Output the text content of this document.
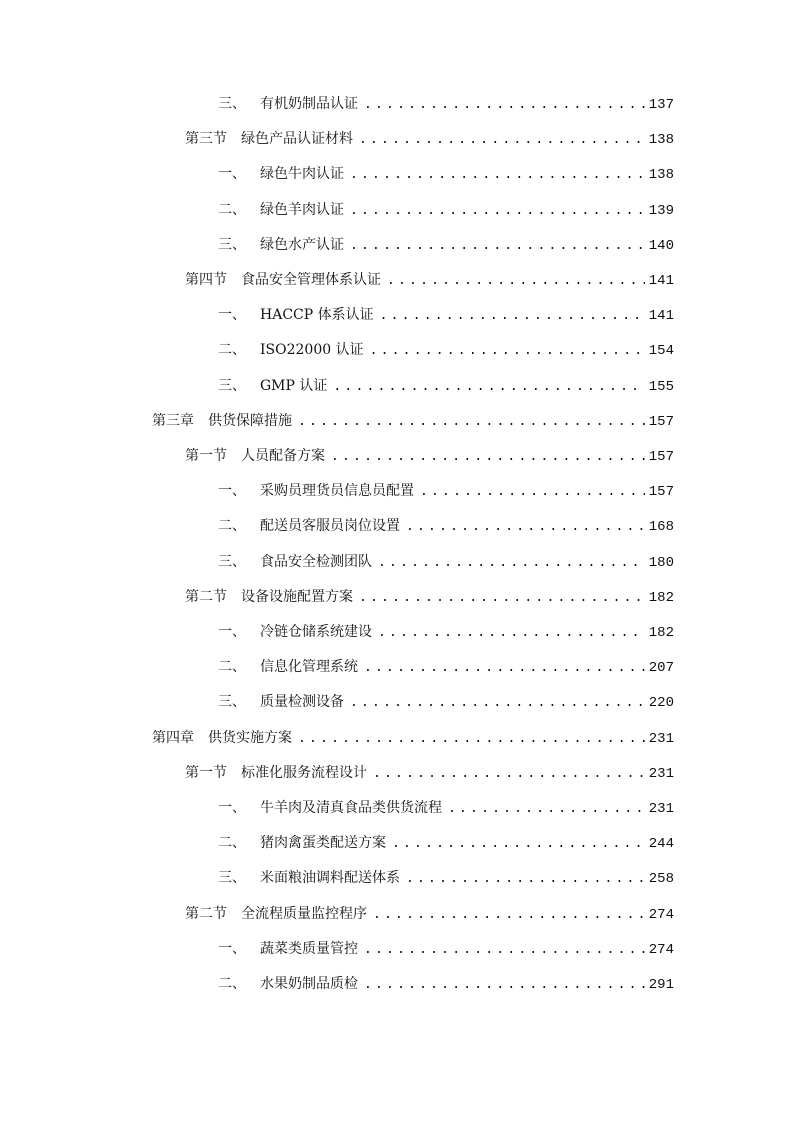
三、 有机奶制品认证 .....	137
第三节 绿色产品认证材料 .....	138
一、 绿色牛肉认证 .....	138
二、 绿色羊肉认证 .....	139
三、 绿色水产认证 .....	140
第四节 食品安全管理体系认证 .....	141
一、 HACCP 体系认证 .....	141
二、 ISO22000 认证 .....	154
三、 GMP 认证 .....	155
第三章 供货保障措施 .....	157
第一节 人员配备方案 .....	157
一、 采购员理货员信息员配置 .....	157
二、 配送员客服员岗位设置 .....	168
三、 食品安全检测团队 .....	180
第二节 设备设施配置方案 .....	182
一、 冷链仓储系统建设 .....	182
二、 信息化管理系统 .....	207
三、 质量检测设备 .....	220
第四章 供货实施方案 .....	231
第一节 标准化服务流程设计 .....	231
一、 牛羊肉及清真食品类供货流程 .....	231
二、 猪肉禽蛋类配送方案 .....	244
三、 米面粮油调料配送体系 .....	258
第二节 全流程质量监控程序 .....	274
一、 蔬菜类质量管控 .....	274
二、 水果奶制品质检 .....	291
